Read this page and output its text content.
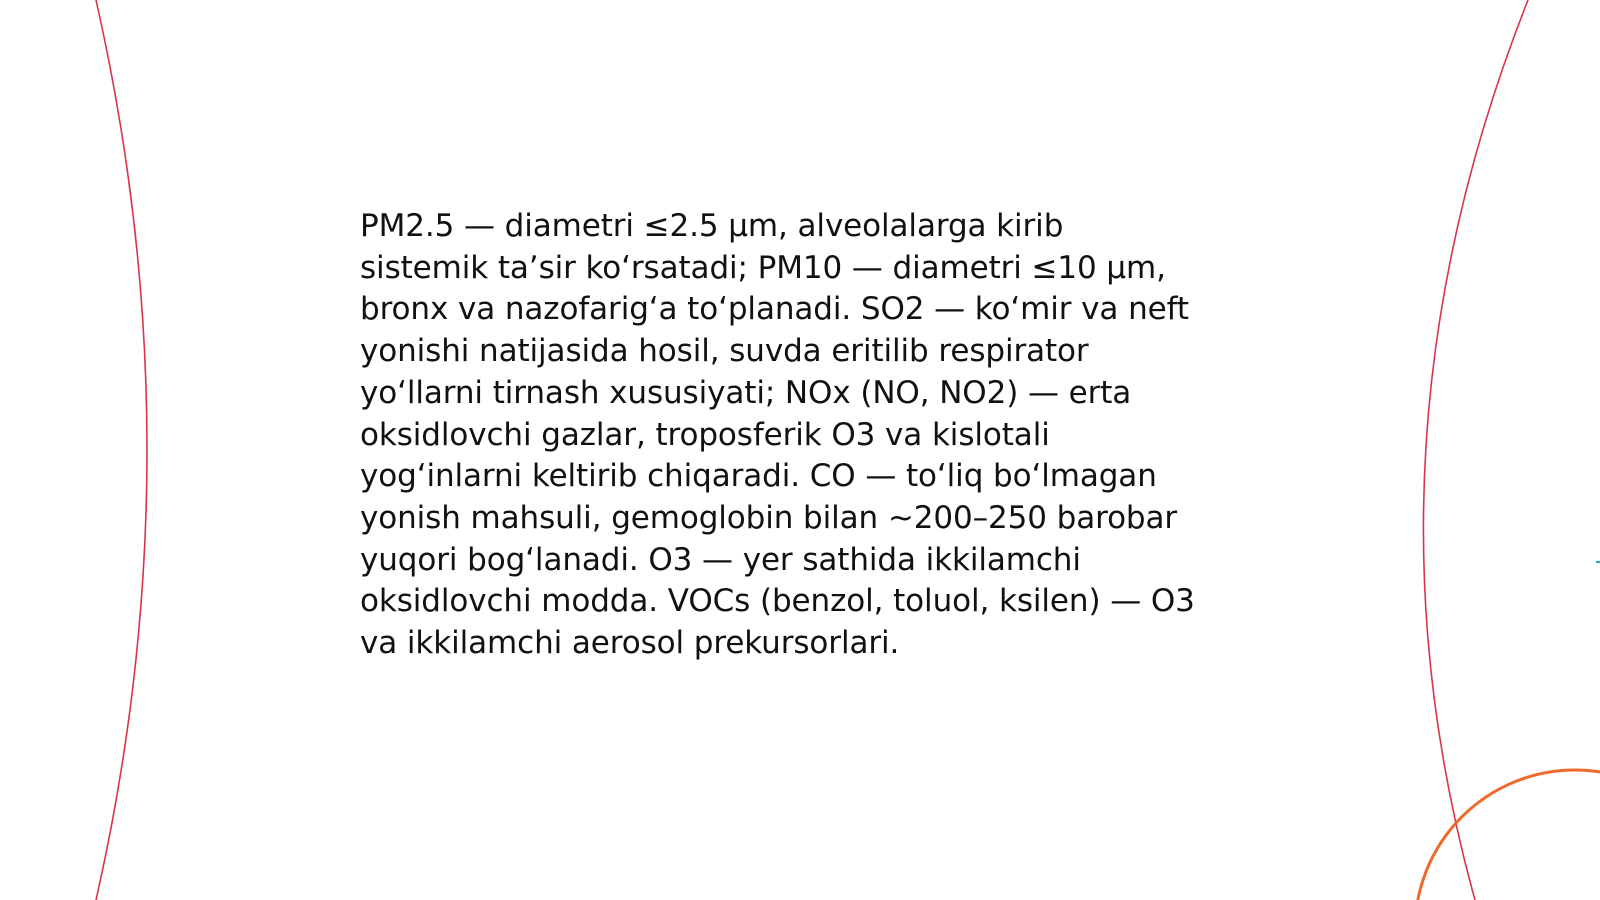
PM2.5 — diametri ≤2.5 µm, alveolalarga kirib
sistemik taʼsir koʻrsatadi; PM10 — diametri ≤10 µm,
bronx va nazofarigʻa toʻplanadi. SO2 — koʻmir va neft
yonishi natijasida hosil, suvda eritilib respirator
yoʻllarni tirnash xususiyati; NOx (NO, NO2) — erta
oksidlovchi gazlar, troposferik O3 va kislotali
yogʻinlarni keltirib chiqaradi. CO — toʻliq boʻlmagan
yonish mahsuli, gemoglobin bilan ~200–250 barobar
yuqori bogʻlanadi. O3 — yer sathida ikkilamchi
oksidlovchi modda. VOCs (benzol, toluol, ksilen) — O3
va ikkilamchi aerosol prekursorlari.
